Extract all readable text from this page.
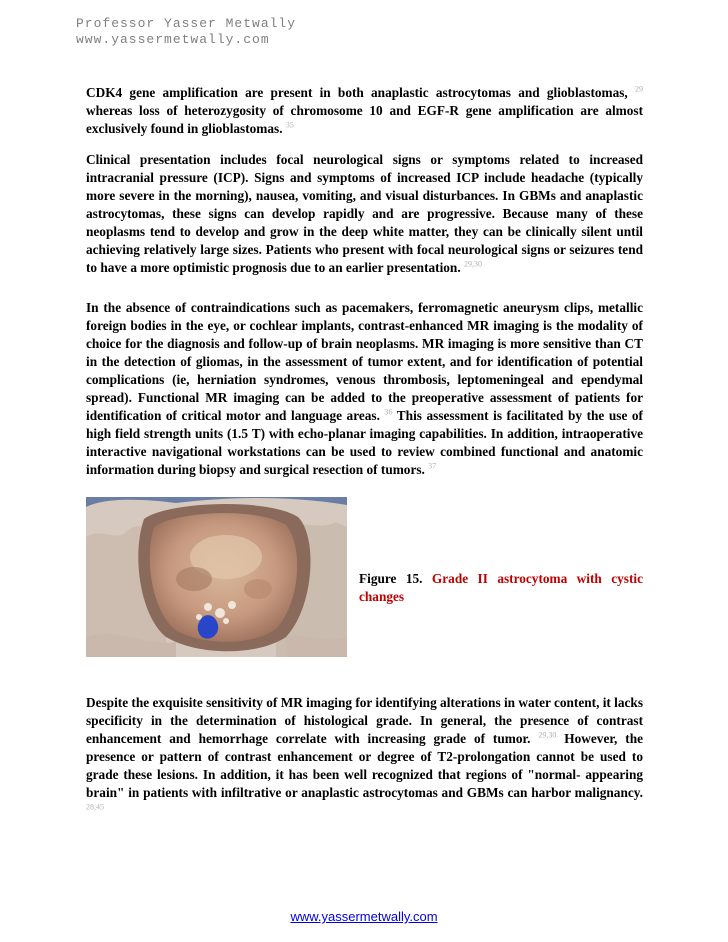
Professor Yasser Metwally
www.yassermetwally.com
CDK4 gene amplification are present in both anaplastic astrocytomas and glioblastomas, $^{29}$ whereas loss of heterozygosity of chromosome 10 and EGF-R gene amplification are almost exclusively found in glioblastomas. $^{35}$
Clinical presentation includes focal neurological signs or symptoms related to increased intracranial pressure (ICP). Signs and symptoms of increased ICP include headache (typically more severe in the morning), nausea, vomiting, and visual disturbances. In GBMs and anaplastic astrocytomas, these signs can develop rapidly and are progressive. Because many of these neoplasms tend to develop and grow in the deep white matter, they can be clinically silent until achieving relatively large sizes. Patients who present with focal neurological signs or seizures tend to have a more optimistic prognosis due to an earlier presentation. $^{29,30}$
In the absence of contraindications such as pacemakers, ferromagnetic aneurysm clips, metallic foreign bodies in the eye, or cochlear implants, contrast-enhanced MR imaging is the modality of choice for the diagnosis and follow-up of brain neoplasms. MR imaging is more sensitive than CT in the detection of gliomas, in the assessment of tumor extent, and for identification of potential complications (ie, herniation syndromes, venous thrombosis, leptomeningeal and ependymal spread). Functional MR imaging can be added to the preoperative assessment of patients for identification of critical motor and language areas. $^{36}$ This assessment is facilitated by the use of high field strength units (1.5 T) with echo-planar imaging capabilities. In addition, intraoperative interactive navigational workstations can be used to review combined functional and anatomic information during biopsy and surgical resection of tumors. $^{37}$
Figure 15. Grade II astrocytoma with cystic changes
Despite the exquisite sensitivity of MR imaging for identifying alterations in water content, it lacks specificity in the determination of histological grade. In general, the presence of contrast enhancement and hemorrhage correlate with increasing grade of tumor. $^{29,30}$ However, the presence or pattern of contrast enhancement or degree of T2-prolongation cannot be used to grade these lesions. In addition, it has been well recognized that regions of "normal- appearing brain" in patients with infiltrative or anaplastic astrocytomas and GBMs can harbor malignancy. $^{28,45}$
www.yassermetwally.com
